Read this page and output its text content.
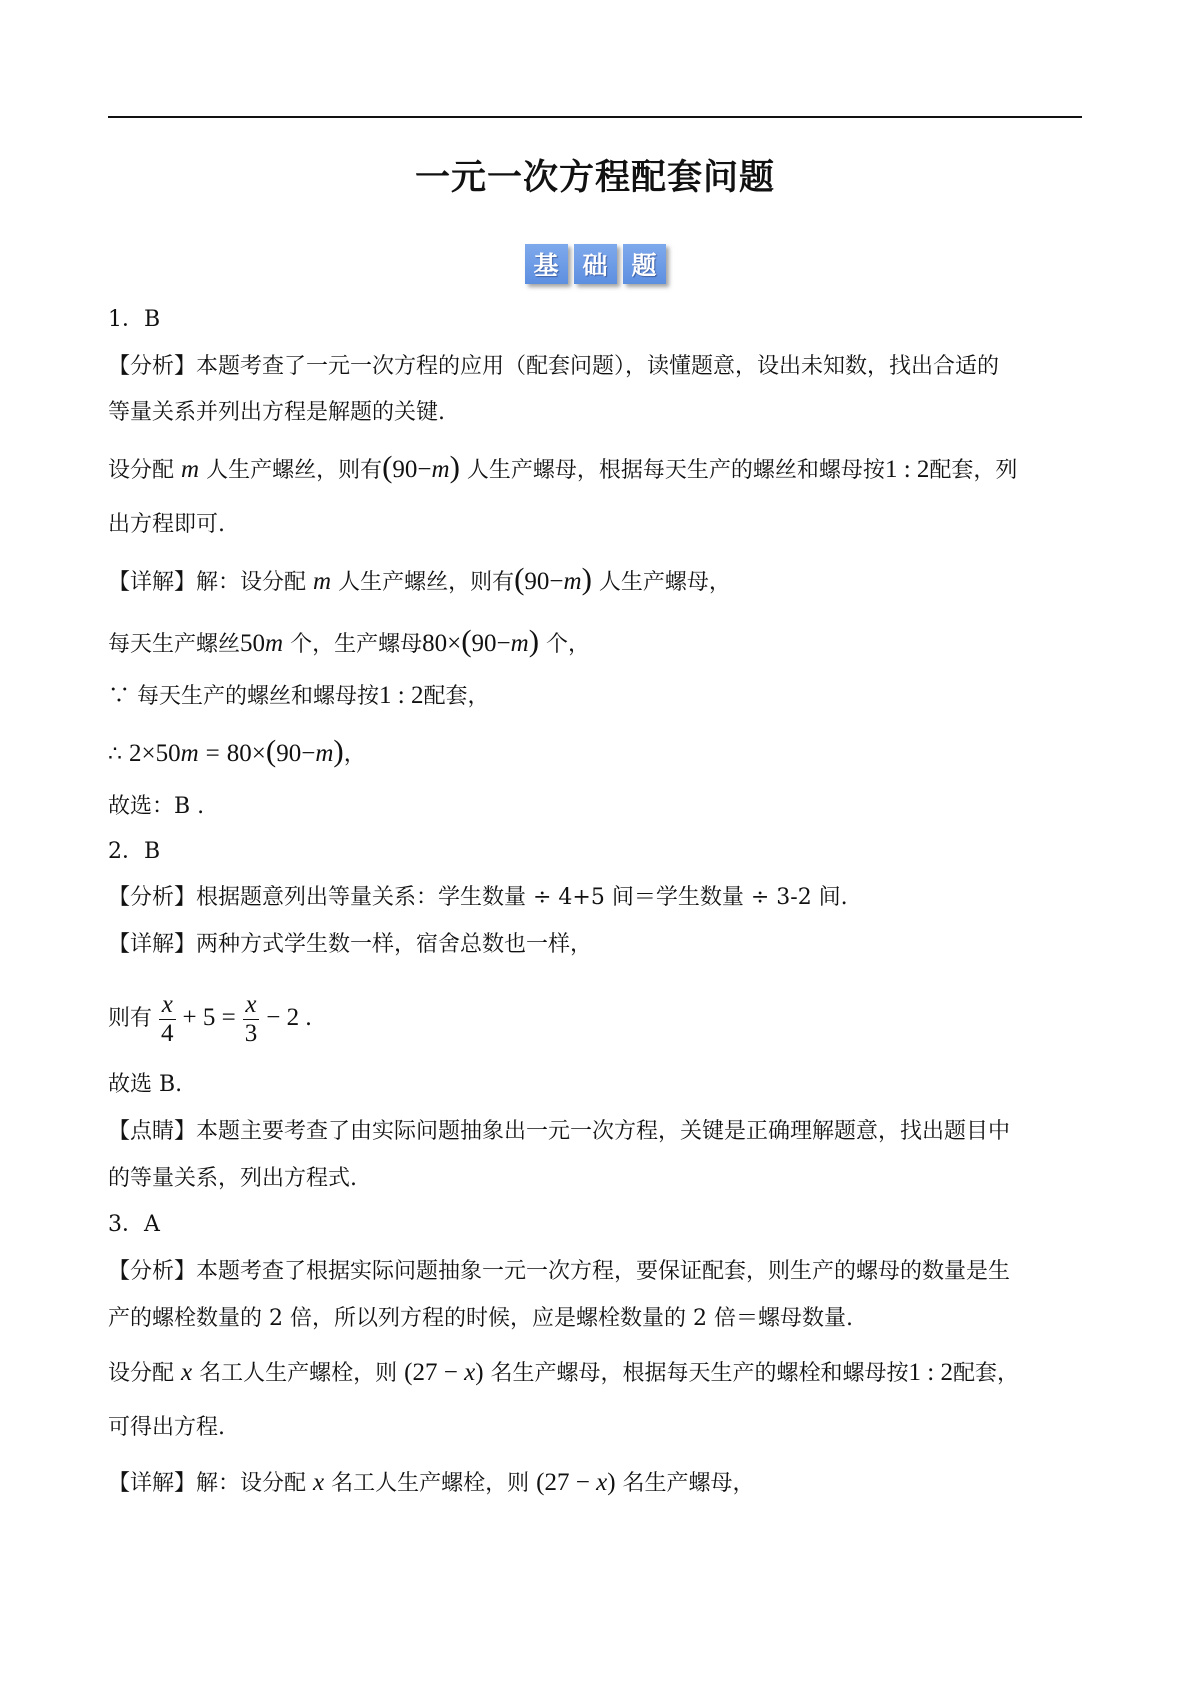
一元一次方程配套问题
基 础 题
1．B
【分析】本题考查了一元一次方程的应用（配套问题），读懂题意，设出未知数，找出合适的
等量关系并列出方程是解题的关键.
设分配 m 人生产螺丝，则有(90−m) 人生产螺母，根据每天生产的螺丝和螺母按1 : 2配套，列
出方程即可.
【详解】解：设分配 m 人生产螺丝，则有(90−m) 人生产螺母，
每天生产螺丝50m 个，生产螺母80×(90−m) 个，
∵ 每天生产的螺丝和螺母按1 : 2配套，
∴ 2×50m = 80×(90−m)，
故选：B .
2．B
【分析】根据题意列出等量关系：学生数量 ÷ 4+5 间＝学生数量 ÷ 3-2 间.
【详解】两种方式学生数一样，宿舍总数也一样，
则有 $\frac{x}{4} + 5 = \frac{x}{3} - 2$ .
故选 B.
【点睛】本题主要考查了由实际问题抽象出一元一次方程，关键是正确理解题意，找出题目中
的等量关系，列出方程式.
3．A
【分析】本题考查了根据实际问题抽象一元一次方程，要保证配套，则生产的螺母的数量是生
产的螺栓数量的 2 倍，所以列方程的时候，应是螺栓数量的 2 倍＝螺母数量.
设分配 x 名工人生产螺栓，则 (27 − x) 名生产螺母，根据每天生产的螺栓和螺母按1 : 2配套，
可得出方程.
【详解】解：设分配 x 名工人生产螺栓，则 (27 − x) 名生产螺母，
